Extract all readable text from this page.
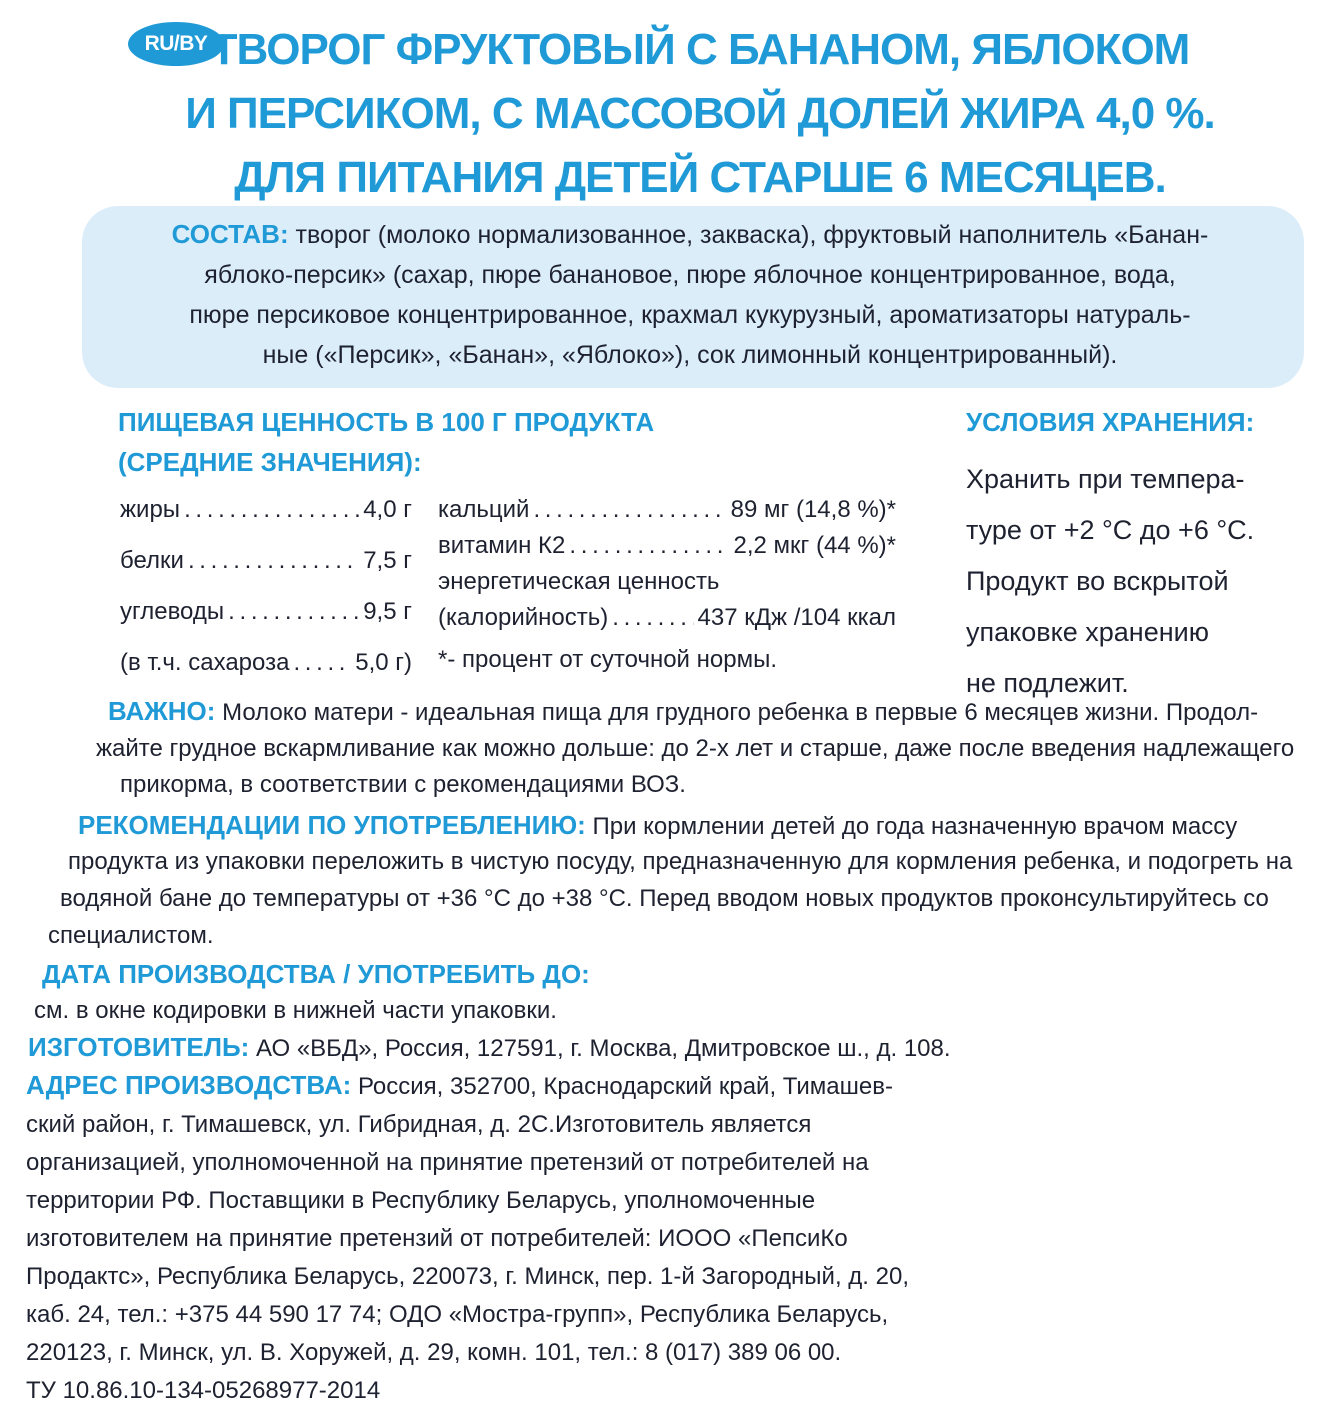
RU/BY ТВОРОГ ФРУКТОВЫЙ С БАНАНОМ, ЯБЛОКОМ
И ПЕРСИКОМ, С МАССОВОЙ ДОЛЕЙ ЖИРА 4,0 %.
ДЛЯ ПИТАНИЯ ДЕТЕЙ СТАРШЕ 6 МЕСЯЦЕВ.
СОСТАВ: творог (молоко нормализованное, закваска), фруктовый наполнитель «Банан-
яблоко-персик» (сахар, пюре банановое, пюре яблочное концентрированное, вода,
пюре персиковое концентрированное, крахмал кукурузный, ароматизаторы натураль-
ные («Персик», «Банан», «Яблоко»), сок лимонный концентрированный).
ПИЩЕВАЯ ЦЕННОСТЬ В 100 Г ПРОДУКТА
(СРЕДНИЕ ЗНАЧЕНИЯ):
жиры . . .	4,0 г
белки . . .	7,5 г
углеводы . . .	9,5 г
(в т.ч. сахароза . . .	5,0 г)
кальций . . .	89 мг (14,8 %)*
витамин К2 . . .	2,2 мкг (44 %)*
энергетическая ценность
(калорийность) . . .	437 кДж /104 ккал
*- процент от суточной нормы.
УСЛОВИЯ ХРАНЕНИЯ:
Хранить при темпера-
туре от +2 °С до +6 °С.
Продукт во вскрытой
упаковке хранению
не подлежит.
ВАЖНО: Молоко матери - идеальная пища для грудного ребенка в первые 6 месяцев жизни. Продол-
жайте грудное вскармливание как можно дольше: до 2-х лет и старше, даже после введения надлежащего
прикорма, в соответствии с рекомендациями ВОЗ.
РЕКОМЕНДАЦИИ ПО УПОТРЕБЛЕНИЮ: При кормлении детей до года назначенную врачом массу
продукта из упаковки переложить в чистую посуду, предназначенную для кормления ребенка, и подогреть на
водяной бане до температуры от +36 °С до +38 °С. Перед вводом новых продуктов проконсультируйтесь со
специалистом.
ДАТА ПРОИЗВОДСТВА / УПОТРЕБИТЬ ДО:
см. в окне кодировки в нижней части упаковки.
ИЗГОТОВИТЕЛЬ: АО «ВБД», Россия, 127591, г. Москва, Дмитровское ш., д. 108.
АДРЕС ПРОИЗВОДСТВА: Россия, 352700, Краснодарский край, Тимашев-
ский район, г. Тимашевск, ул. Гибридная, д. 2С.Изготовитель является
организацией, уполномоченной на принятие претензий от потребителей на
территории РФ. Поставщики в Республику Беларусь, уполномоченные
изготовителем на принятие претензий от потребителей: ИООО «ПепсиКо
Продактс», Республика Беларусь, 220073, г. Минск, пер. 1-й Загородный, д. 20,
каб. 24, тел.: +375 44 590 17 74; ОДО «Мостра-групп», Республика Беларусь,
220123, г. Минск, ул. В. Хоружей, д. 29, комн. 101, тел.: 8 (017) 389 06 00.
ТУ 10.86.10-134-05268977-2014
